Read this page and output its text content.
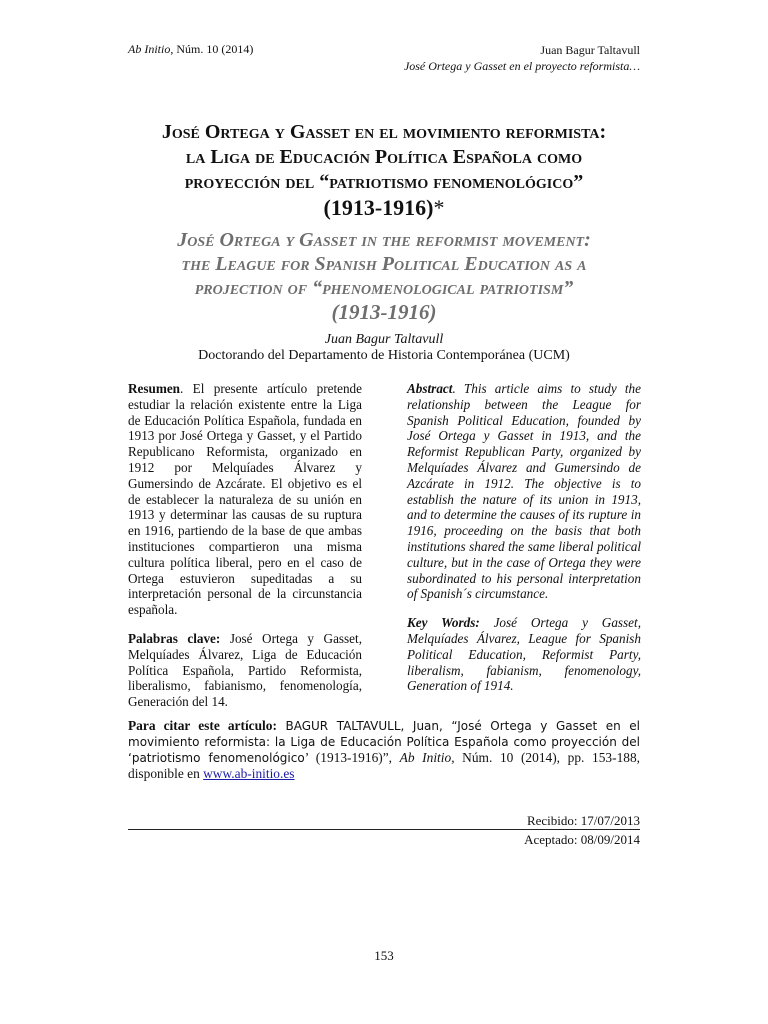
Ab Initio, Núm. 10 (2014)	Juan Bagur Taltavull
José Ortega y Gasset en el proyecto reformista…
José Ortega y Gasset en el movimiento reformista:
la Liga de Educación Política Española como
proyección del “patriotismo fenomenológico”
(1913-1916)*
José Ortega y Gasset in the reformist movement:
the League for Spanish Political Education as a
projection of “phenomenological patriotism”
(1913-1916)
Juan Bagur Taltavull
Doctorando del Departamento de Historia Contemporánea (UCM)

Resumen. El presente artículo pretende estudiar la relación existente entre la Liga de Educación Política Española, fundada en 1913 por José Ortega y Gasset, y el Partido Republicano Reformista, organizado en 1912 por Melquíades Álvarez y Gumersindo de Azcárate. El objetivo es el de establecer la naturaleza de su unión en 1913 y determinar las causas de su ruptura en 1916, partiendo de la base de que ambas instituciones compartieron una misma cultura política liberal, pero en el caso de Ortega estuvieron supeditadas a su interpretación personal de la circunstancia española.

Palabras clave: José Ortega y Gasset, Melquíades Álvarez, Liga de Educación Política Española, Partido Reformista, liberalismo, fabianismo, fenomenología, Generación del 14.

Abstract. This article aims to study the relationship between the League for Spanish Political Education, founded by José Ortega y Gasset in 1913, and the Reformist Republican Party, organized by Melquíades Álvarez and Gumersindo de Azcárate in 1912. The objective is to establish the nature of its union in 1913, and to determine the causes of its rupture in 1916, proceeding on the basis that both institutions shared the same liberal political culture, but in the case of Ortega they were subordinated to his personal interpretation of Spanish´s circumstance.

Key Words: José Ortega y Gasset, Melquíades Álvarez, League for Spanish Political Education, Reformist Party, liberalism, fabianism, fenomenology, Generation of 1914.

Para citar este artículo: BAGUR TALTAVULL, Juan, “José Ortega y Gasset en el movimiento reformista: la Liga de Educación Política Española como proyección del ‘patriotismo fenomenológico’ (1913-1916)”, Ab Initio, Núm. 10 (2014), pp. 153-188, disponible en www.ab-initio.es
Recibido: 17/07/2013
Aceptado: 08/09/2014
153
